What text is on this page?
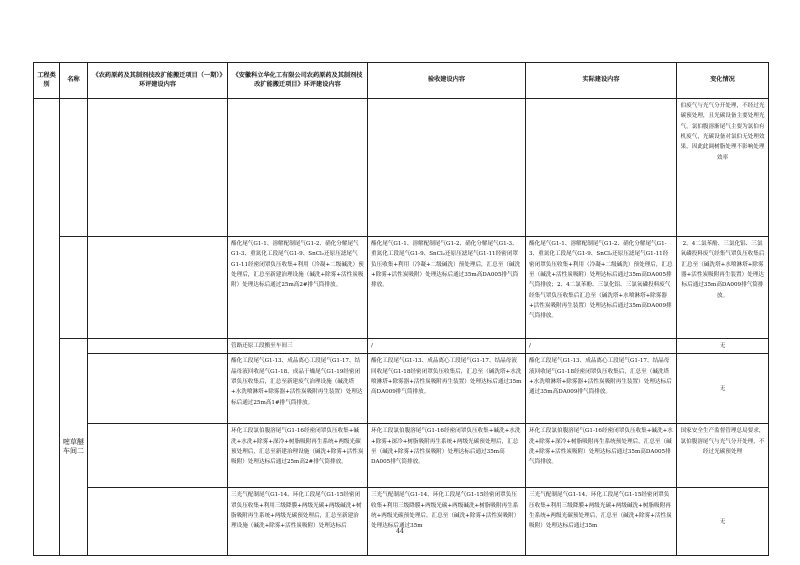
工程类别	名称	《农药原药及其制剂技改扩能搬迁项目（一期）》环评建设内容	《安徽科立华化工有限公司农药原药及其制剂技改扩能搬迁项目》环评建设内容	验收建设内容	实际建设内容	变化情况
						伯废气与光气分开处理，不经过光碳预处理，且光碳设备主要处理光气，氯伯腹溶渐尾气主要为氯伯有机废气，光碳设备对氯伯无处理效果，因此此调树脂处理不影响处理效率
			酯化尾气G1-1、溶解配制尾气G1-2、硝化分解尾气G1-3、重氮化工段尾气G1-9、SnCl₂还原压滤尾气G1-11经密闭罩负压收集+利用（冷凝+二级碱洗）预处理后，汇总至新建治理设施（碱洗+除雾+活性炭吸附）处理达标后通过25m高2#排气筒排放。	酯化尾气G1-1、溶解配制尾气G1-2、硝化分解尾气G1-3、重氮化工段尾气G1-9、SnCl₂还原压滤尾气G1-11经密闭罩负压收集+利用（冷凝+二级碱洗）预处理后，汇总至（碱洗+除雾+活性炭吸附）处理达标后通过35m高DA005排气筒排放。	酯化尾气G1-1、溶解配制尾气G1-2、硝化分解尾气G1-3、重氮化工段尾气G1-9、SnCl₂还原压滤尾气G1-11经密闭罩负压收集+利用（冷凝+二级碱洗）预处理后，汇总至（碱洗+活性炭吸附）处理达标后通过35m高DA005排气筒排放；2、4二氯苯酚、三氯化铝、三氯氧磷投料废气经集气罩负压收集后汇总至（碱洗塔+水喷淋塔+除雾器+活性炭吸附再生装置）处理达标后通过35m高DA009排气筒排放。	2、4二氯苯酚、三氯化铝、三氯氧磷投料废气经集气罩负压收集后汇总至（碱洗塔+水喷淋塔+除雾器+活性炭吸附再生装置）处理达标后通过35m高DA009排气筒排放。
	嘧草醚车间二		管路还原工段搬至车间三	/	/	无
			酯化工段尾气G1-13、成品离心工段尾气G1-17、结晶母液回收尾气G1-18、成品干燥尾气G1-19经密闭罩负压收集后，汇总至新建废气治理设施（碱洗塔+水洗喷淋塔+除雾器+活性炭吸附再生装置）处理达标后通过25m高1#排气筒排放。	酯化工段尾气G1-13、成品离心工段尾气G1-17、结晶母液回收尾气G1-18经密闭罩负压收集后，汇总至（碱洗塔+水洗喷淋塔+除雾器+活性炭吸附再生装置）处理达标后通过35m高DA009排气筒排放。	酯化工段尾气G1-13、成品离心工段尾气G1-17、结晶母液回收尾气G1-18经密闭罩负压收集后，汇总至（碱洗塔+水洗喷淋塔+除雾器+活性炭吸附再生装置）处理达标后通过35m高DA009排气筒排放。	无
			环化工段氯伯腹溶尾气G1-16经密闭罩负压收集+碱洗+水洗+除雾+深冷+树脂吸附再生系统+两级光碳预处理后，汇总至新建治理设施（碱洗+除雾+活性炭吸附）处理达标后通过25m高2#排气筒排放。	环化工段氯伯腹溶尾气G1-16经密闭罩负压收集+碱洗+水洗+除雾+深冷+树脂吸附再生系统+两级光碳预处理后，汇总至（碱洗+除雾+活性炭吸附）处理达标后通过35m高DA005排气筒排放。	环化工段氯伯腹溶尾气G1-16经密闭罩负压收集+碱洗+水洗+除雾+深冷+树脂吸附再生系统预处理后，汇总至（碱洗+除雾+活性炭吸附）处理达标后通过35m高DA005排气筒排放。	国家安全生产监督管理总局要求，氯伯腹溶尾气与光气分开处理，不经过光碳预处理
			三光气配制尾气G1-14、环化工段尾气G1-15经密闭罩负压收集+利用三级降膜+两级光碳+两级碱洗+树脂吸附再生系统+两级光碳预处理后，汇总至新建治理设施（碱洗+除雾+活性炭吸附）处理达标后	三光气配制尾气G1-14、环化工段尾气G1-15经密闭罩负压收集+利用三级降膜+两级光碳+两级碱洗+树脂吸附再生系统+两级光碳预处理后，汇总至（碱洗+除雾+活性炭吸附）处理达标后通过35m	三光气配制尾气G1-14、环化工段尾气G1-15经密闭罩负压收集+利用三级降膜+两级光碳+两级碱洗+树脂吸附再生系统+两级光碳预处理后，汇总至（碱洗+除雾+活性炭吸附）处理达标后通过35m	无
44
